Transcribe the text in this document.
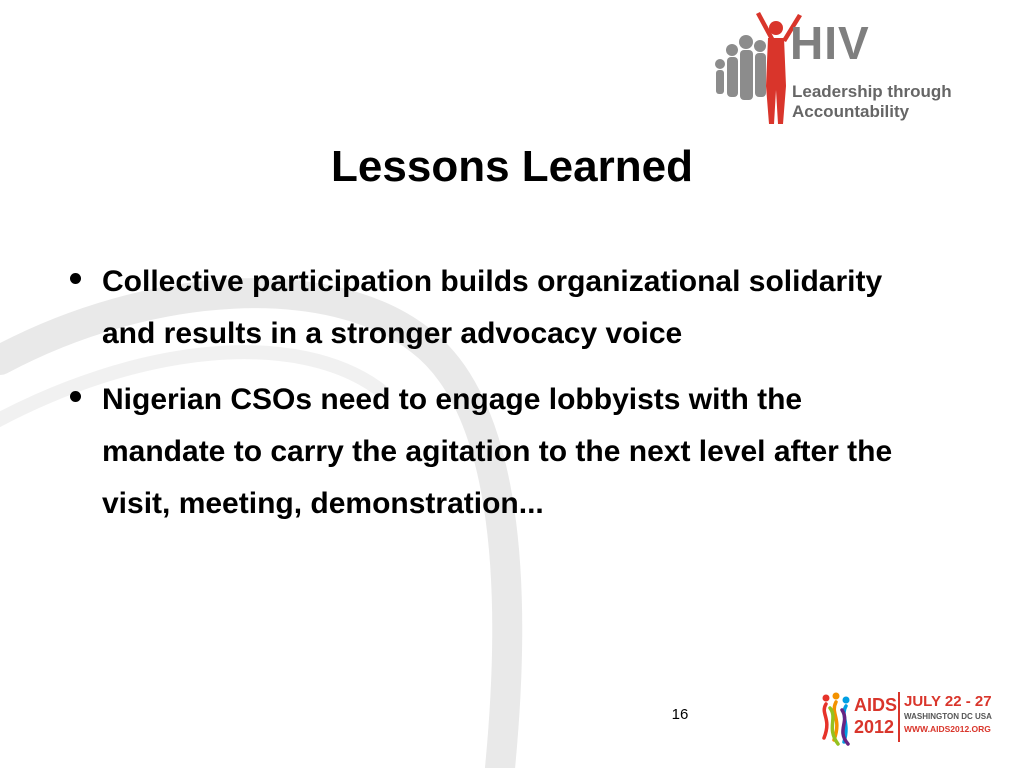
HIV
Leadership through
Accountability
Lessons Learned
Collective participation builds organizational solidarity and results in a stronger advocacy voice
Nigerian CSOs need to engage lobbyists with the mandate to carry the agitation to the next level after the visit, meeting, demonstration...
16	AIDS
2012
JULY 22 - 27
WASHINGTON DC USA
WWW.AIDS2012.ORG
